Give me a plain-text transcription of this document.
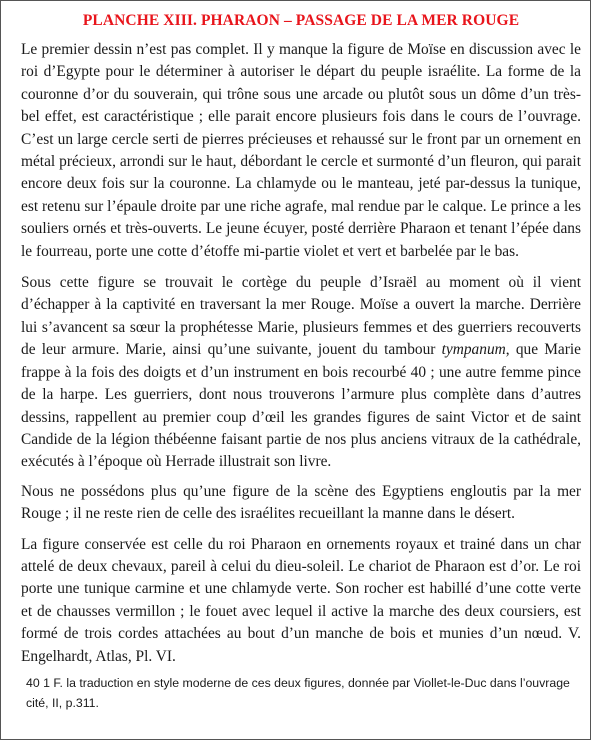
PLANCHE XIII. PHARAON – PASSAGE DE LA MER ROUGE

Le premier dessin n’est pas complet. Il y manque la figure de Moïse en discussion avec le roi d’Egypte pour le déterminer à autoriser le départ du peuple israélite. La forme de la couronne d’or du souverain, qui trône sous une arcade ou plutôt sous un dôme d’un très-bel effet, est caractéristique ; elle parait encore plusieurs fois dans le cours de l’ouvrage. C’est un large cercle serti de pierres précieuses et rehaussé sur le front par un ornement en métal précieux, arrondi sur le haut, débordant le cercle et surmonté d’un fleuron, qui parait encore deux fois sur la couronne. La chlamyde ou le manteau, jeté par-dessus la tunique, est retenu sur l’épaule droite par une riche agrafe, mal rendue par le calque. Le prince a les souliers ornés et très-ouverts. Le jeune écuyer, posté derrière Pharaon et tenant l’épée dans le fourreau, porte une cotte d’étoffe mi-partie violet et vert et barbelée par le bas.

Sous cette figure se trouvait le cortège du peuple d’Israël au moment où il vient d’échapper à la captivité en traversant la mer Rouge. Moïse a ouvert la marche. Derrière lui s’avancent sa sœur la prophétesse Marie, plusieurs femmes et des guerriers recouverts de leur armure. Marie, ainsi qu’une suivante, jouent du tambour tympanum, que Marie frappe à la fois des doigts et d’un instrument en bois recourbé 40 ; une autre femme pince de la harpe. Les guerriers, dont nous trouverons l’armure plus complète dans d’autres dessins, rappellent au premier coup d’œil les grandes figures de saint Victor et de saint Candide de la légion thébéenne faisant partie de nos plus anciens vitraux de la cathédrale, exécutés à l’époque où Herrade illustrait son livre.

Nous ne possédons plus qu’une figure de la scène des Egyptiens engloutis par la mer Rouge ; il ne reste rien de celle des israélites recueillant la manne dans le désert.

La figure conservée est celle du roi Pharaon en ornements royaux et trainé dans un char attelé de deux chevaux, pareil à celui du dieu-soleil. Le chariot de Pharaon est d’or. Le roi porte une tunique carmine et une chlamyde verte. Son rocher est habillé d’une cotte verte et de chausses vermillon ; le fouet avec lequel il active la marche des deux coursiers, est formé de trois cordes attachées au bout d’un manche de bois et munies d’un nœud. V. Engelhardt, Atlas, Pl. VI.

40 1 F. la traduction en style moderne de ces deux figures, donnée par Viollet-le-Duc dans l’ouvrage cité, II, p.311.
